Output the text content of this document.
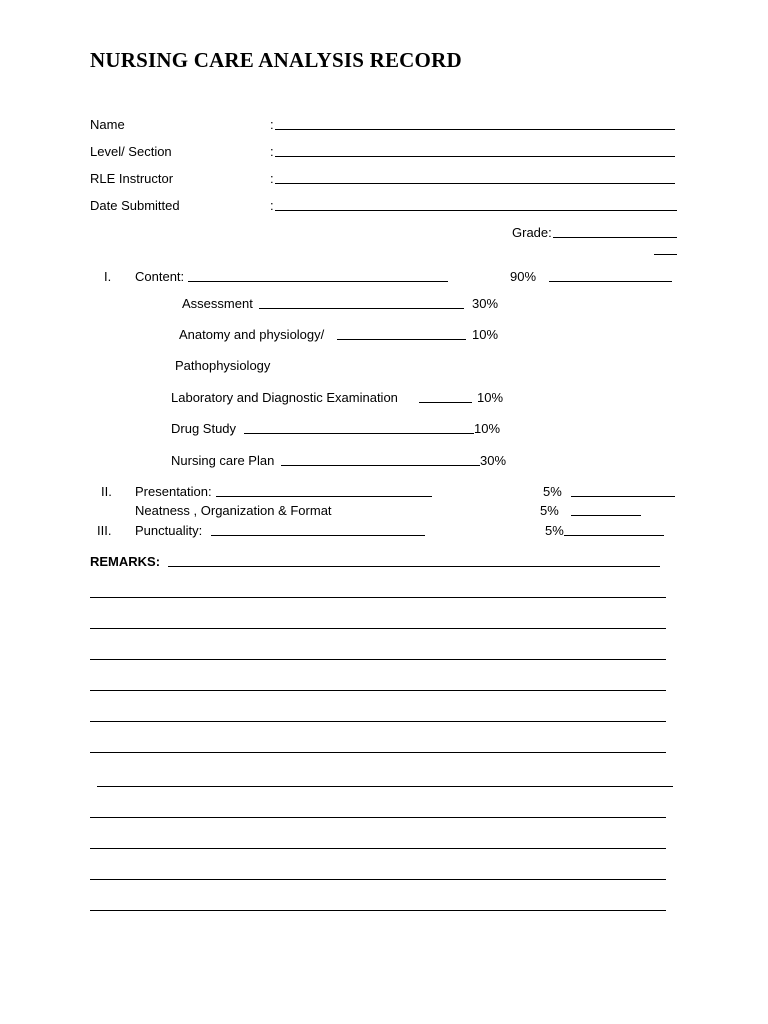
NURSING CARE ANALYSIS RECORD
Name	:
Level/ Section	:
RLE Instructor	:
Date Submitted	:
Grade:
I. Content:	90%
Assessment	30%
Anatomy and physiology/	10%
Pathophysiology
Laboratory and Diagnostic Examination	10%
Drug Study	10%
Nursing care Plan	30%
II. Presentation:	5%
Neatness , Organization & Format	5%
III. Punctuality:	5%
REMARKS:
